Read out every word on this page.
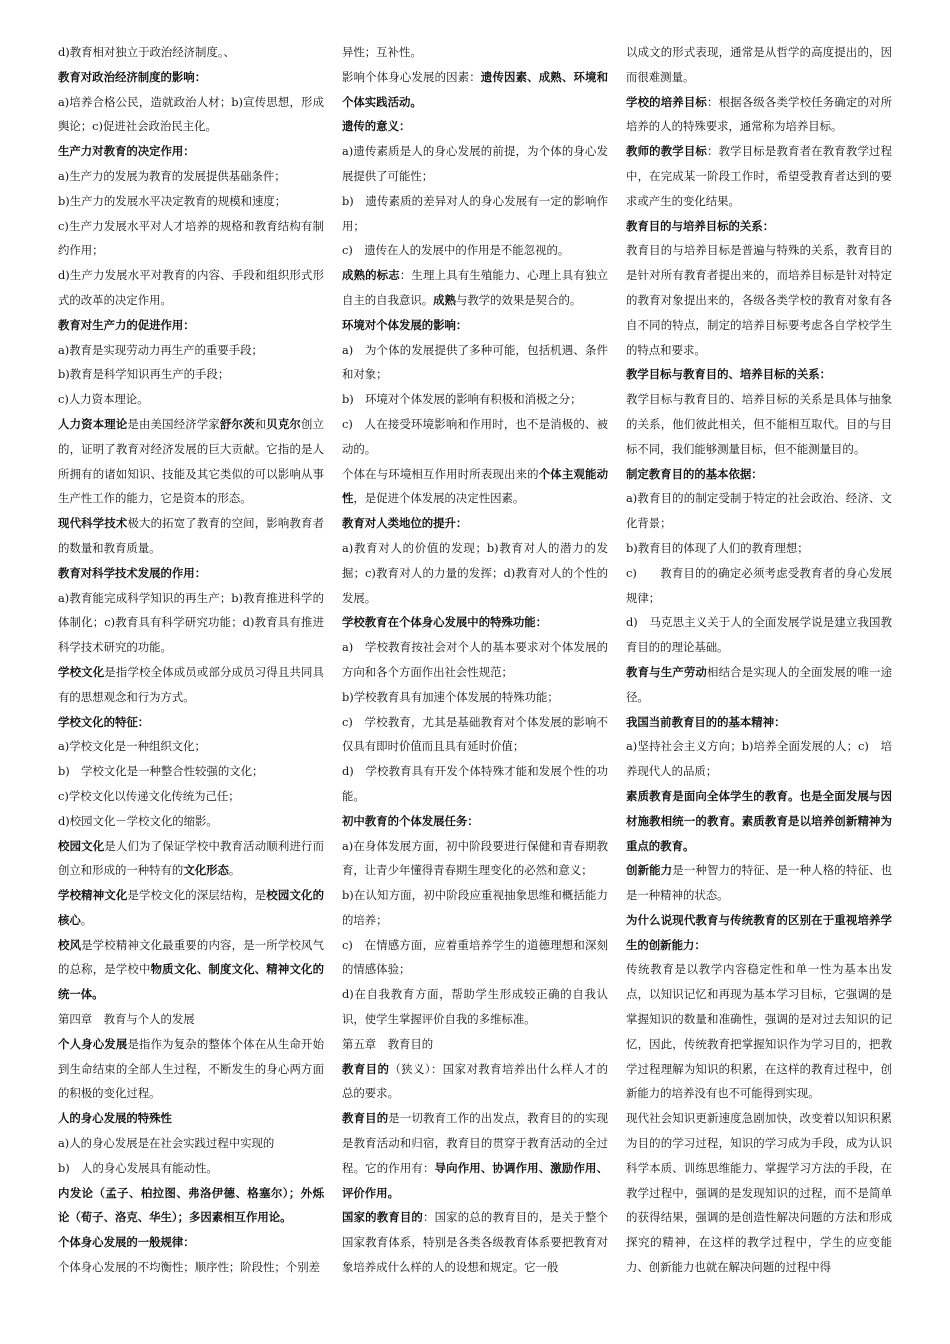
d)教育相对独立于政治经济制度。、

教育对政治经济制度的影响：

a)培养合格公民，造就政治人材；b)宣传思想，形成舆论；c)促进社会政治民主化。

生产力对教育的决定作用：

a)生产力的发展为教育的发展提供基础条件；

b)生产力的发展水平决定教育的规模和速度；

c)生产力发展水平对人才培养的规格和教育结构有制约作用；

d)生产力发展水平对教育的内容、手段和组织形式形式的改革的决定作用。

教育对生产力的促进作用：

a)教育是实现劳动力再生产的重要手段；

b)教育是科学知识再生产的手段；

c)人力资本理论。

人力资本理论是由美国经济学家舒尔茨和贝克尔创立的，证明了教育对经济发展的巨大贡献。它指的是人所拥有的诸如知识、技能及其它类似的可以影响从事生产性工作的能力，它是资本的形态。

现代科学技术极大的拓宽了教育的空间，影响教育者的数量和教育质量。

教育对科学技术发展的作用：

a)教育能完成科学知识的再生产；b)教育推进科学的体制化；c)教育具有科学研究功能；d)教育具有推进科学技术研究的功能。

学校文化是指学校全体成员或部分成员习得且共同具有的思想观念和行为方式。

学校文化的特征：

a)学校文化是一种组织文化；

b)　学校文化是一种整合性较强的文化；

c)学校文化以传递文化传统为己任；

d)校园文化－学校文化的缩影。

校园文化是人们为了保证学校中教育活动顺利进行而创立和形成的一种特有的文化形态。

学校精神文化是学校文化的深层结构，是校园文化的核心。

校风是学校精神文化最重要的内容，是一所学校风气的总称，是学校中物质文化、制度文化、精神文化的统一体。

第四章　教育与个人的发展

个人身心发展是指作为复杂的整体个体在从生命开始到生命结束的全部人生过程，不断发生的身心两方面的积极的变化过程。

人的身心发展的特殊性

a)人的身心发展是在社会实践过程中实现的

b)　人的身心发展具有能动性。

内发论（孟子、柏拉图、弗洛伊德、格塞尔）；外烁论（荀子、洛克、华生）；多因素相互作用论。

个体身心发展的一般规律：

个体身心发展的不均衡性；顺序性；阶段性；个别差

异性；互补性。

影响个体身心发展的因素：遗传因素、成熟、环境和个体实践活动。

遗传的意义：

a)遗传素质是人的身心发展的前提，为个体的身心发展提供了可能性；

b)　遗传素质的差异对人的身心发展有一定的影响作用；

c)　遗传在人的发展中的作用是不能忽视的。

成熟的标志：生理上具有生殖能力、心理上具有独立自主的自我意识。成熟与教学的效果是契合的。

环境对个体发展的影响：

a)　为个体的发展提供了多种可能，包括机遇、条件和对象；

b)　环境对个体发展的影响有积极和消极之分；

c)　人在接受环境影响和作用时，也不是消极的、被动的。

个体在与环境相互作用时所表现出来的个体主观能动性，是促进个体发展的决定性因素。

教育对人类地位的提升：

a)教育对人的价值的发现；b)教育对人的潜力的发掘；c)教育对人的力量的发挥；d)教育对人的个性的发展。

学校教育在个体身心发展中的特殊功能：

a)　学校教育按社会对个人的基本要求对个体发展的方向和各个方面作出社会性规范；

b)学校教育具有加速个体发展的特殊功能；

c)　学校教育，尤其是基础教育对个体发展的影响不仅具有即时价值而且具有延时价值；

d)　学校教育具有开发个体特殊才能和发展个性的功能。

初中教育的个体发展任务：

a)在身体发展方面，初中阶段要进行保健和青春期教育，让青少年懂得青春期生理变化的必然和意义；

b)在认知方面，初中阶段应重视抽象思维和概括能力的培养；

c)　在情感方面，应着重培养学生的道德理想和深刻的情感体验；

d)在自我教育方面，帮助学生形成较正确的自我认识，使学生掌握评价自我的多维标准。

第五章　教育目的

教育目的（狭义）：国家对教育培养出什么样人才的总的要求。

教育目的是一切教育工作的出发点，教育目的的实现是教育活动和归宿，教育目的贯穿于教育活动的全过程。它的作用有：导向作用、协调作用、激励作用、评价作用。

国家的教育目的：国家的总的教育目的，是关于整个国家教育体系，特别是各类各级教育体系要把教育对象培养成什么样的人的设想和规定。它一般

以成文的形式表现，通常是从哲学的高度提出的，因而很难测量。

学校的培养目标：根据各级各类学校任务确定的对所培养的人的特殊要求，通常称为培养目标。

教师的教学目标：教学目标是教育者在教育教学过程中，在完成某一阶段工作时，希望受教育者达到的要求或产生的变化结果。

教育目的与培养目标的关系：

教育目的与培养目标是普遍与特殊的关系，教育目的是针对所有教育者提出来的，而培养目标是针对特定的教育对象提出来的，各级各类学校的教育对象有各自不同的特点，制定的培养目标要考虑各自学校学生的特点和要求。

教学目标与教育目的、培养目标的关系：

教学目标与教育目的、培养目标的关系是具体与抽象的关系，他们彼此相关，但不能相互取代。目的与目标不同，我们能够测量目标，但不能测量目的。

制定教育目的的基本依据：

a)教育目的的制定受制于特定的社会政治、经济、文化背景；

b)教育目的体现了人们的教育理想；

c)　　教育目的的确定必须考虑受教育者的身心发展规律；

d)　马克思主义关于人的全面发展学说是建立我国教育目的的理论基础。

教育与生产劳动相结合是实现人的全面发展的唯一途径。

我国当前教育目的的基本精神：

a)坚持社会主义方向；b)培养全面发展的人；c)　培养现代人的品质；

素质教育是面向全体学生的教育。也是全面发展与因材施教相统一的教育。素质教育是以培养创新精神为重点的教育。

创新能力是一种智力的特征、是一种人格的特征、也是一种精神的状态。

为什么说现代教育与传统教育的区别在于重视培养学生的创新能力：

传统教育是以教学内容稳定性和单一性为基本出发点，以知识记忆和再现为基本学习目标，它强调的是掌握知识的数量和准确性，强调的是对过去知识的记忆，因此，传统教育把掌握知识作为学习目的，把教学过程理解为知识的积累，在这样的教育过程中，创新能力的培养没有也不可能得到实现。

现代社会知识更新速度急剧加快，改变着以知识积累为目的的学习过程，知识的学习成为手段，成为认识科学本质、训练思维能力、掌握学习方法的手段，在教学过程中，强调的是发现知识的过程，而不是简单的获得结果，强调的是创造性解决问题的方法和形成探究的精神，在这样的教学过程中，学生的应变能力、创新能力也就在解决问题的过程中得
